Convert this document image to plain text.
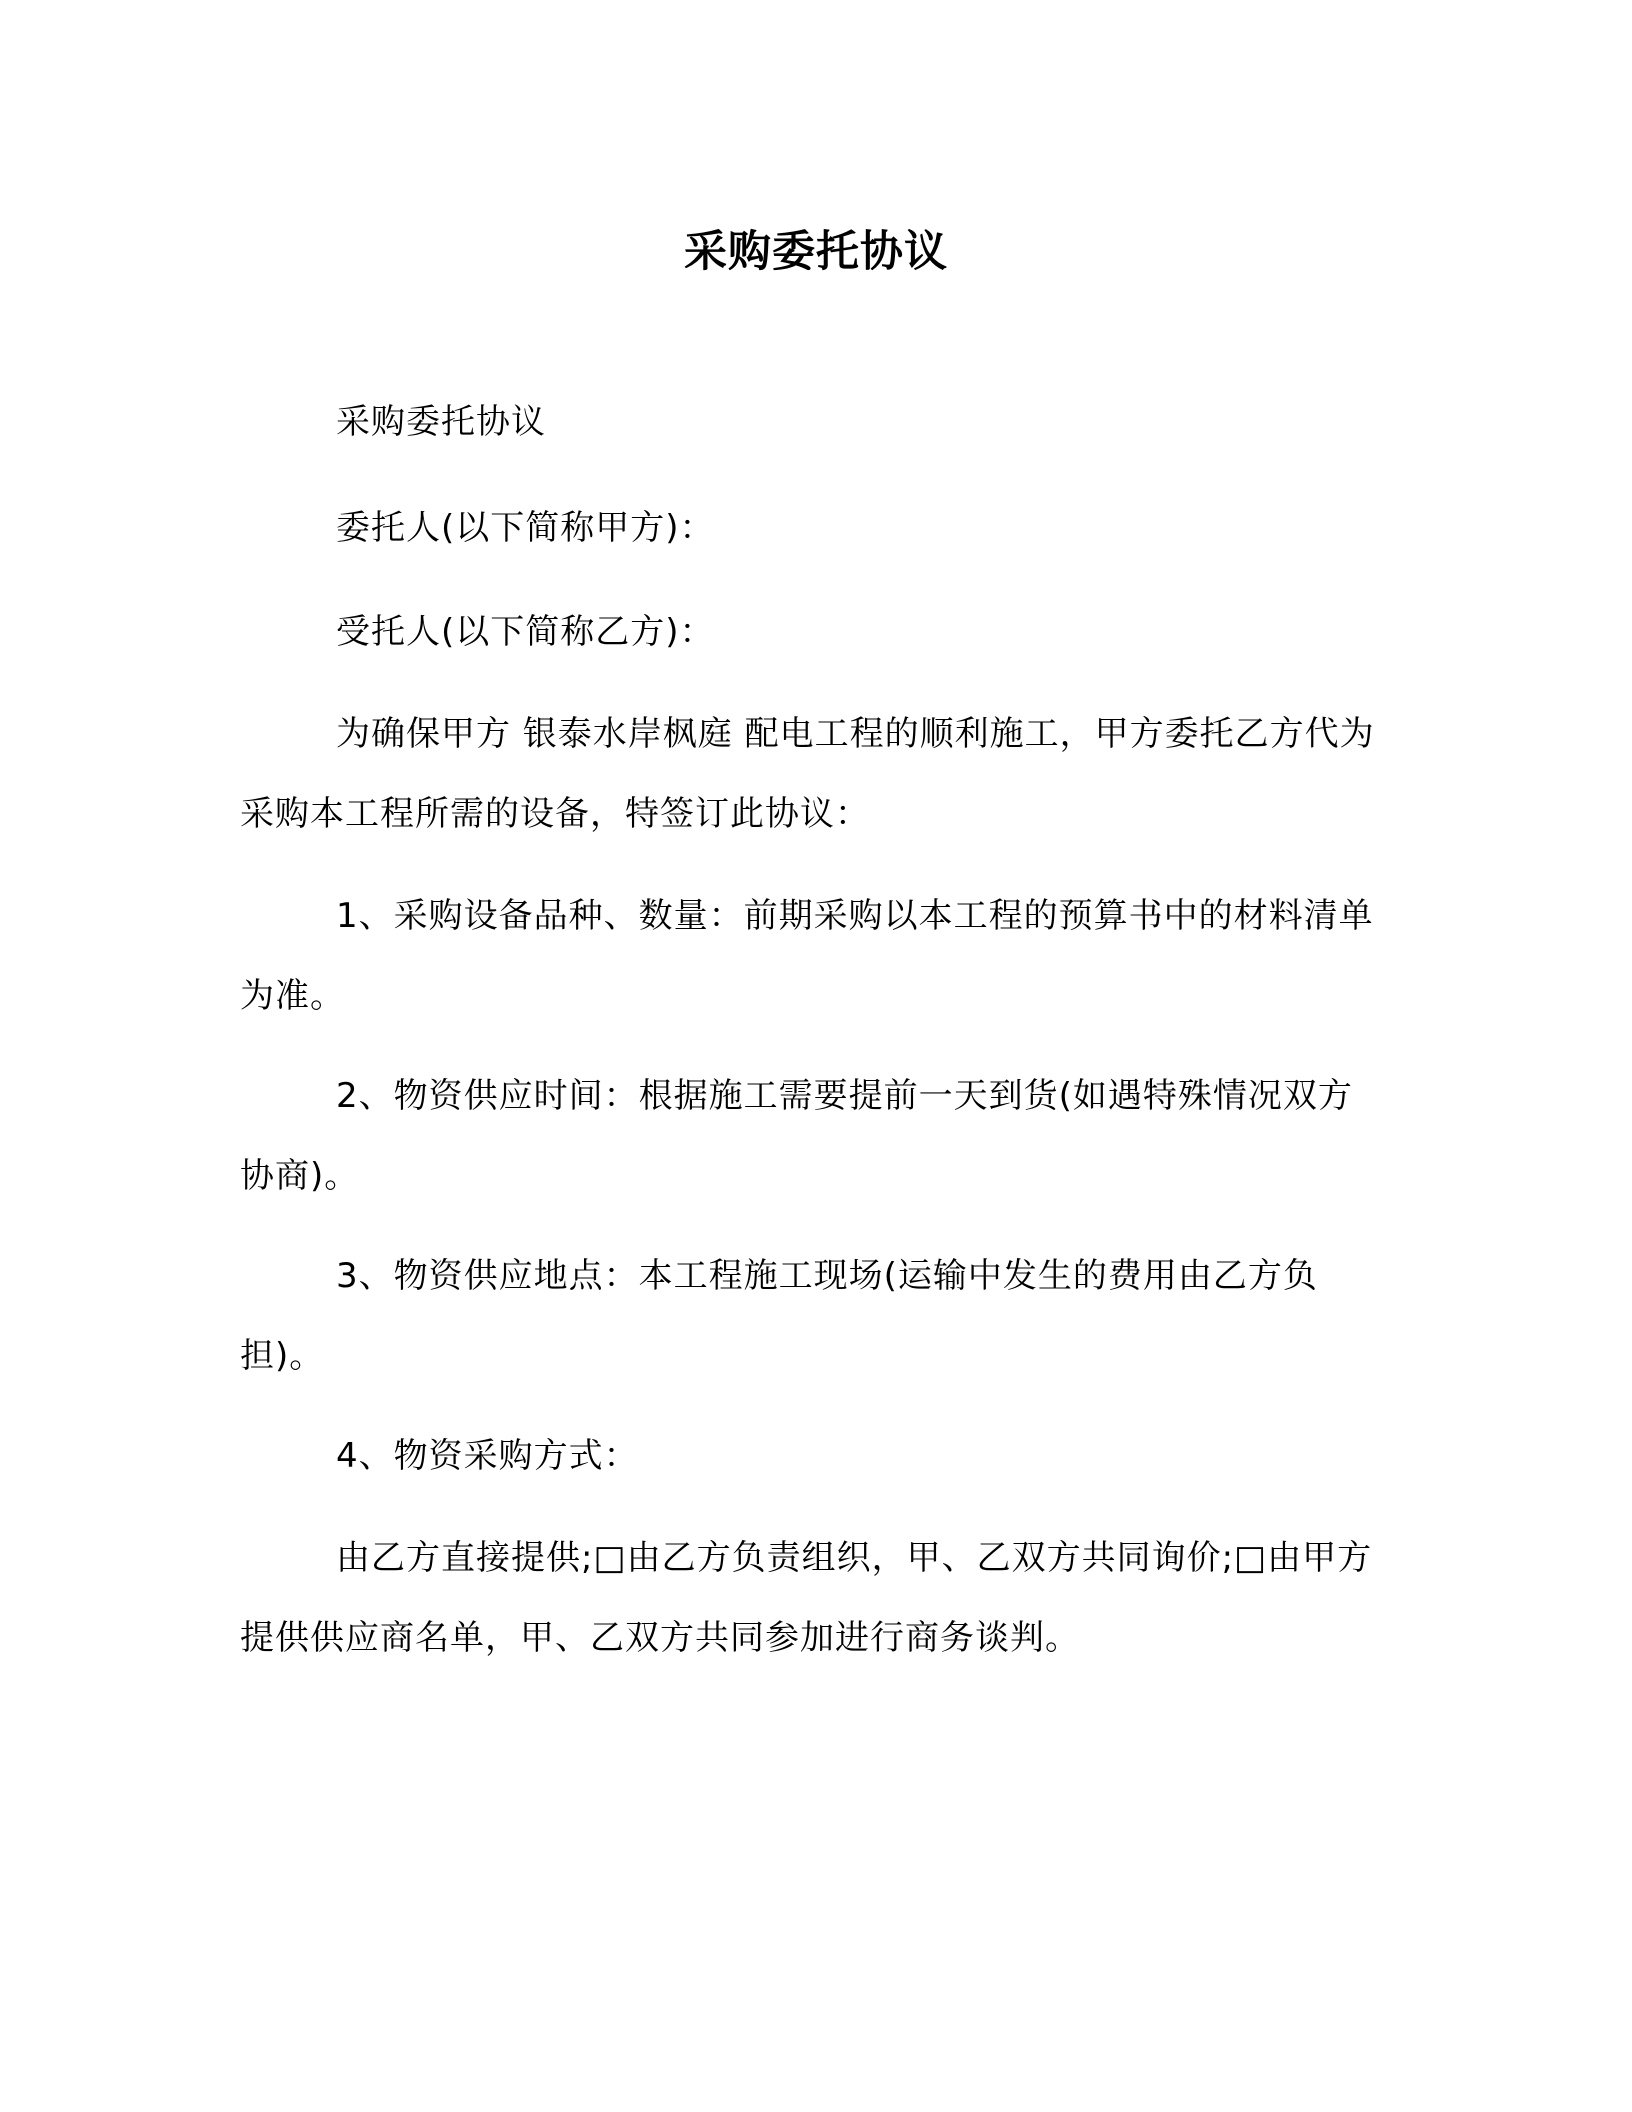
采购委托协议

采购委托协议

委托人(以下简称甲方)：

受托人(以下简称乙方)：

为确保甲方 银泰水岸枫庭 配电工程的顺利施工，甲方委托乙方代为采购本工程所需的设备，特签订此协议：

1、采购设备品种、数量：前期采购以本工程的预算书中的材料清单为准。

2、物资供应时间：根据施工需要提前一天到货(如遇特殊情况双方协商)。

3、物资供应地点：本工程施工现场(运输中发生的费用由乙方负担)。

4、物资采购方式：

由乙方直接提供;□由乙方负责组织，甲、乙双方共同询价;□由甲方提供供应商名单，甲、乙双方共同参加进行商务谈判。
